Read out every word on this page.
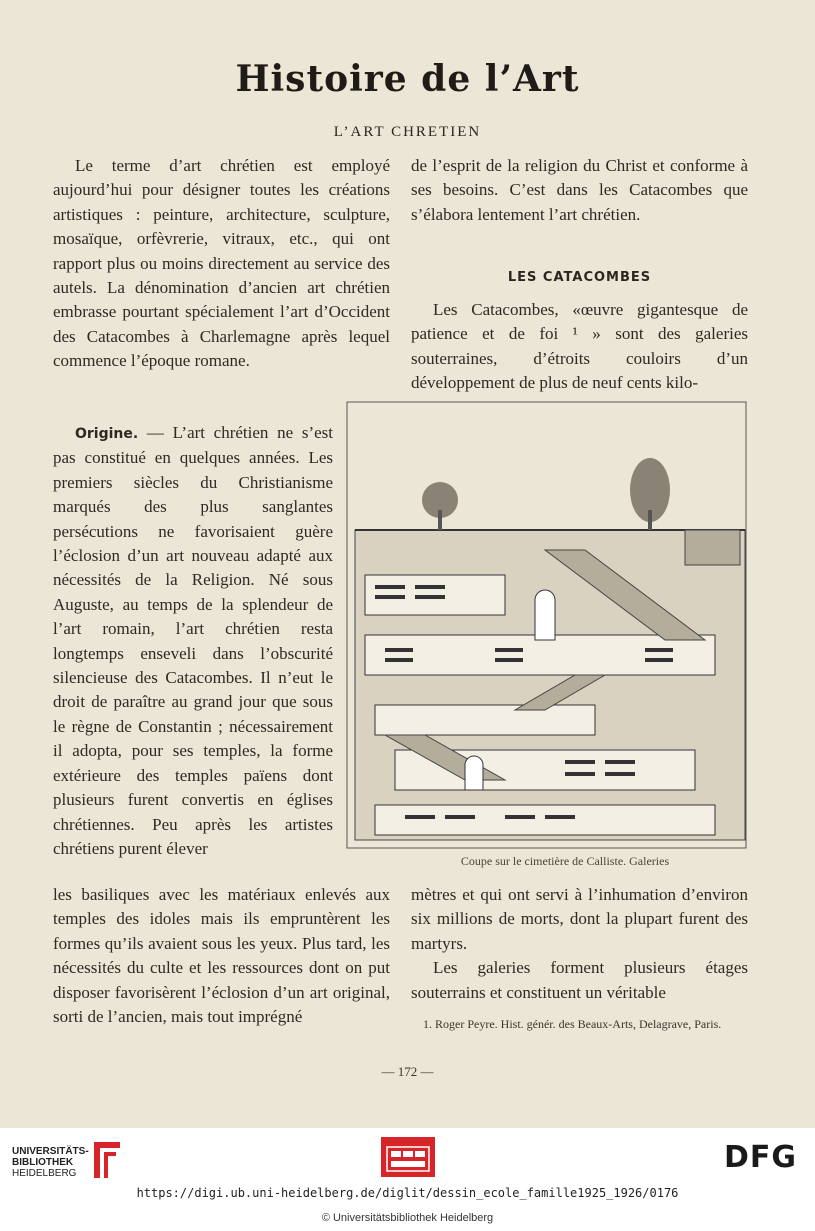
Histoire de l’Art
L’ART CHRETIEN

Le terme d’art chrétien est employé aujourd’hui pour désigner toutes les créations artistiques : peinture, architecture, sculpture, mosaïque, orfèvrerie, vitraux, etc., qui ont rapport plus ou moins directement au service des autels. La dénomination d’ancien art chrétien embrasse pourtant spécialement l’art d’Occident des Catacombes à Charlemagne après lequel commence l’époque romane.

Origine. — L’art chrétien ne s’est pas constitué en quelques années. Les premiers siècles du Christianisme marqués des plus sanglantes persécutions ne favorisaient guère l’éclosion d’un art nouveau adapté aux nécessités de la Religion. Né sous Auguste, au temps de la splendeur de l’art romain, l’art chrétien resta longtemps enseveli dans l’obscurité silencieuse des Catacombes. Il n’eut le droit de paraître au grand jour que sous le règne de Constantin ; nécessairement il adopta, pour ses temples, la forme extérieure des temples païens dont plusieurs furent convertis en églises chrétiennes. Peu après les artistes chrétiens purent élever

les basiliques avec les matériaux enlevés aux temples des idoles mais ils empruntèrent les formes qu’ils avaient sous les yeux. Plus tard, les nécessités du culte et les ressources dont on put disposer favorisèrent l’éclosion d’un art original, sorti de l’ancien, mais tout imprégné

de l’esprit de la religion du Christ et conforme à ses besoins. C’est dans les Catacombes que s’élabora lentement l’art chrétien.

LES CATACOMBES

Les Catacombes, «œuvre gigantesque de patience et de foi ¹ » sont des galeries souterraines, d’étroits couloirs d’un développement de plus de neuf cents kilo-

Coupe sur le cimetière de Calliste. Galeries

mètres et qui ont servi à l’inhumation d’environ six millions de morts, dont la plupart furent des martyrs.

Les galeries forment plusieurs étages souterrains et constituent un véritable

1. Roger Peyre. Hist. génér. des Beaux-Arts, Delagrave, Paris.
— 172 —
UNIVERSITÄTS-
BIBLIOTHEK
HEIDELBERG	DFG
https://digi.ub.uni-heidelberg.de/diglit/dessin_ecole_famille1925_1926/0176
© Universitätsbibliothek Heidelberg
